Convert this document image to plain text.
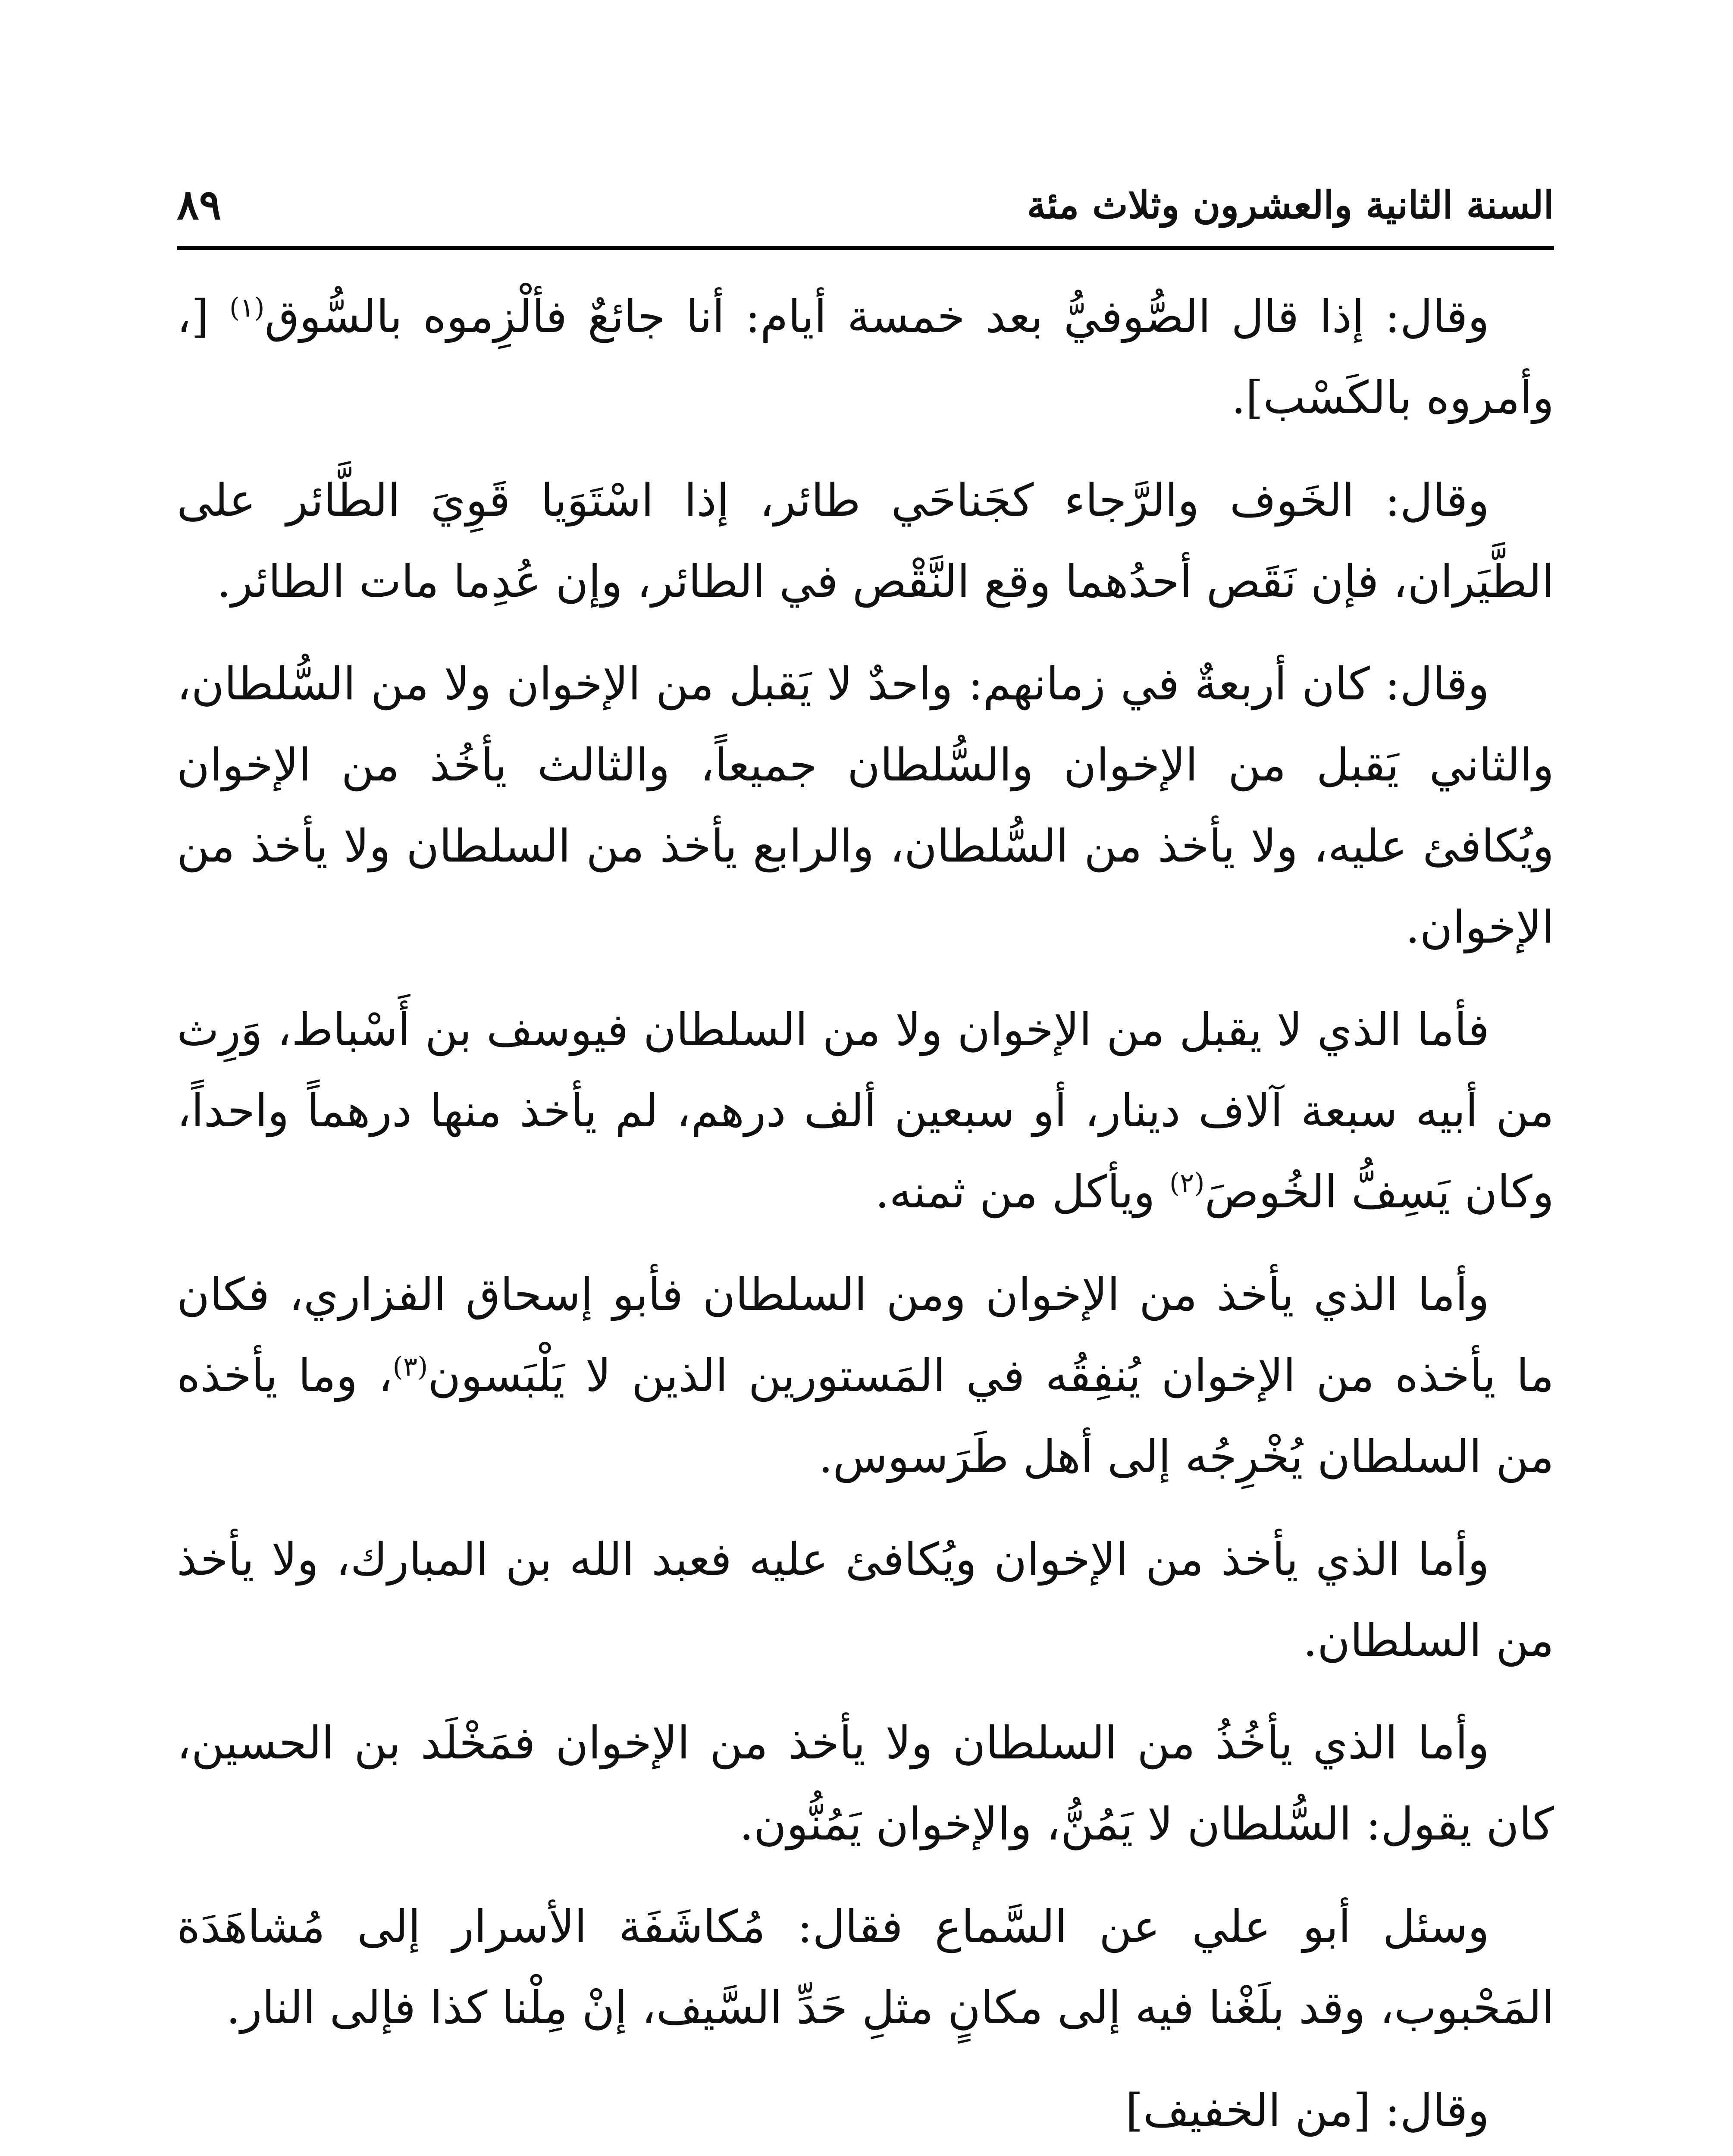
السنة الثانية والعشرون وثلاث مئة
٨٩

وقال: إذا قال الصُّوفيُّ بعد خمسة أيام: أنا جائعٌ فألْزِموه بالسُّوق$^{(١)}$ [، وأمروه بالكَسْب].

وقال: الخَوف والرَّجاء كجَناحَي طائر، إذا اسْتَوَيا قَوِيَ الطَّائر على الطَّيَران، فإن نَقَص أحدُهما وقع النَّقْص في الطائر، وإن عُدِما مات الطائر.

وقال: كان أربعةٌ في زمانهم: واحدٌ لا يَقبل من الإخوان ولا من السُّلطان، والثاني يَقبل من الإخوان والسُّلطان جميعاً، والثالث يأخُذ من الإخوان ويُكافئ عليه، ولا يأخذ من السُّلطان، والرابع يأخذ من السلطان ولا يأخذ من الإخوان.

فأما الذي لا يقبل من الإخوان ولا من السلطان فيوسف بن أَسْباط، وَرِث من أبيه سبعة آلاف دينار، أو سبعين ألف درهم، لم يأخذ منها درهماً واحداً، وكان يَسِفُّ الخُوصَ$^{(٢)}$ ويأكل من ثمنه.

وأما الذي يأخذ من الإخوان ومن السلطان فأبو إسحاق الفزاري، فكان ما يأخذه من الإخوان يُنفِقُه في المَستورين الذين لا يَلْبَسون$^{(٣)}$، وما يأخذه من السلطان يُخْرِجُه إلى أهل طَرَسوس.

وأما الذي يأخذ من الإخوان ويُكافئ عليه فعبد الله بن المبارك، ولا يأخذ من السلطان.

وأما الذي يأخُذُ من السلطان ولا يأخذ من الإخوان فمَخْلَد بن الحسين، كان يقول: السُّلطان لا يَمُنُّ، والإخوان يَمُنُّون.

وسئل أبو علي عن السَّماع فقال: مُكاشَفَة الأسرار إلى مُشاهَدَة المَحْبوب، وقد بلَغْنا فيه إلى مكانٍ مثلِ حَدِّ السَّيف، إنْ مِلْنا كذا فإلى النار.

وقال: [من الخفيف]
